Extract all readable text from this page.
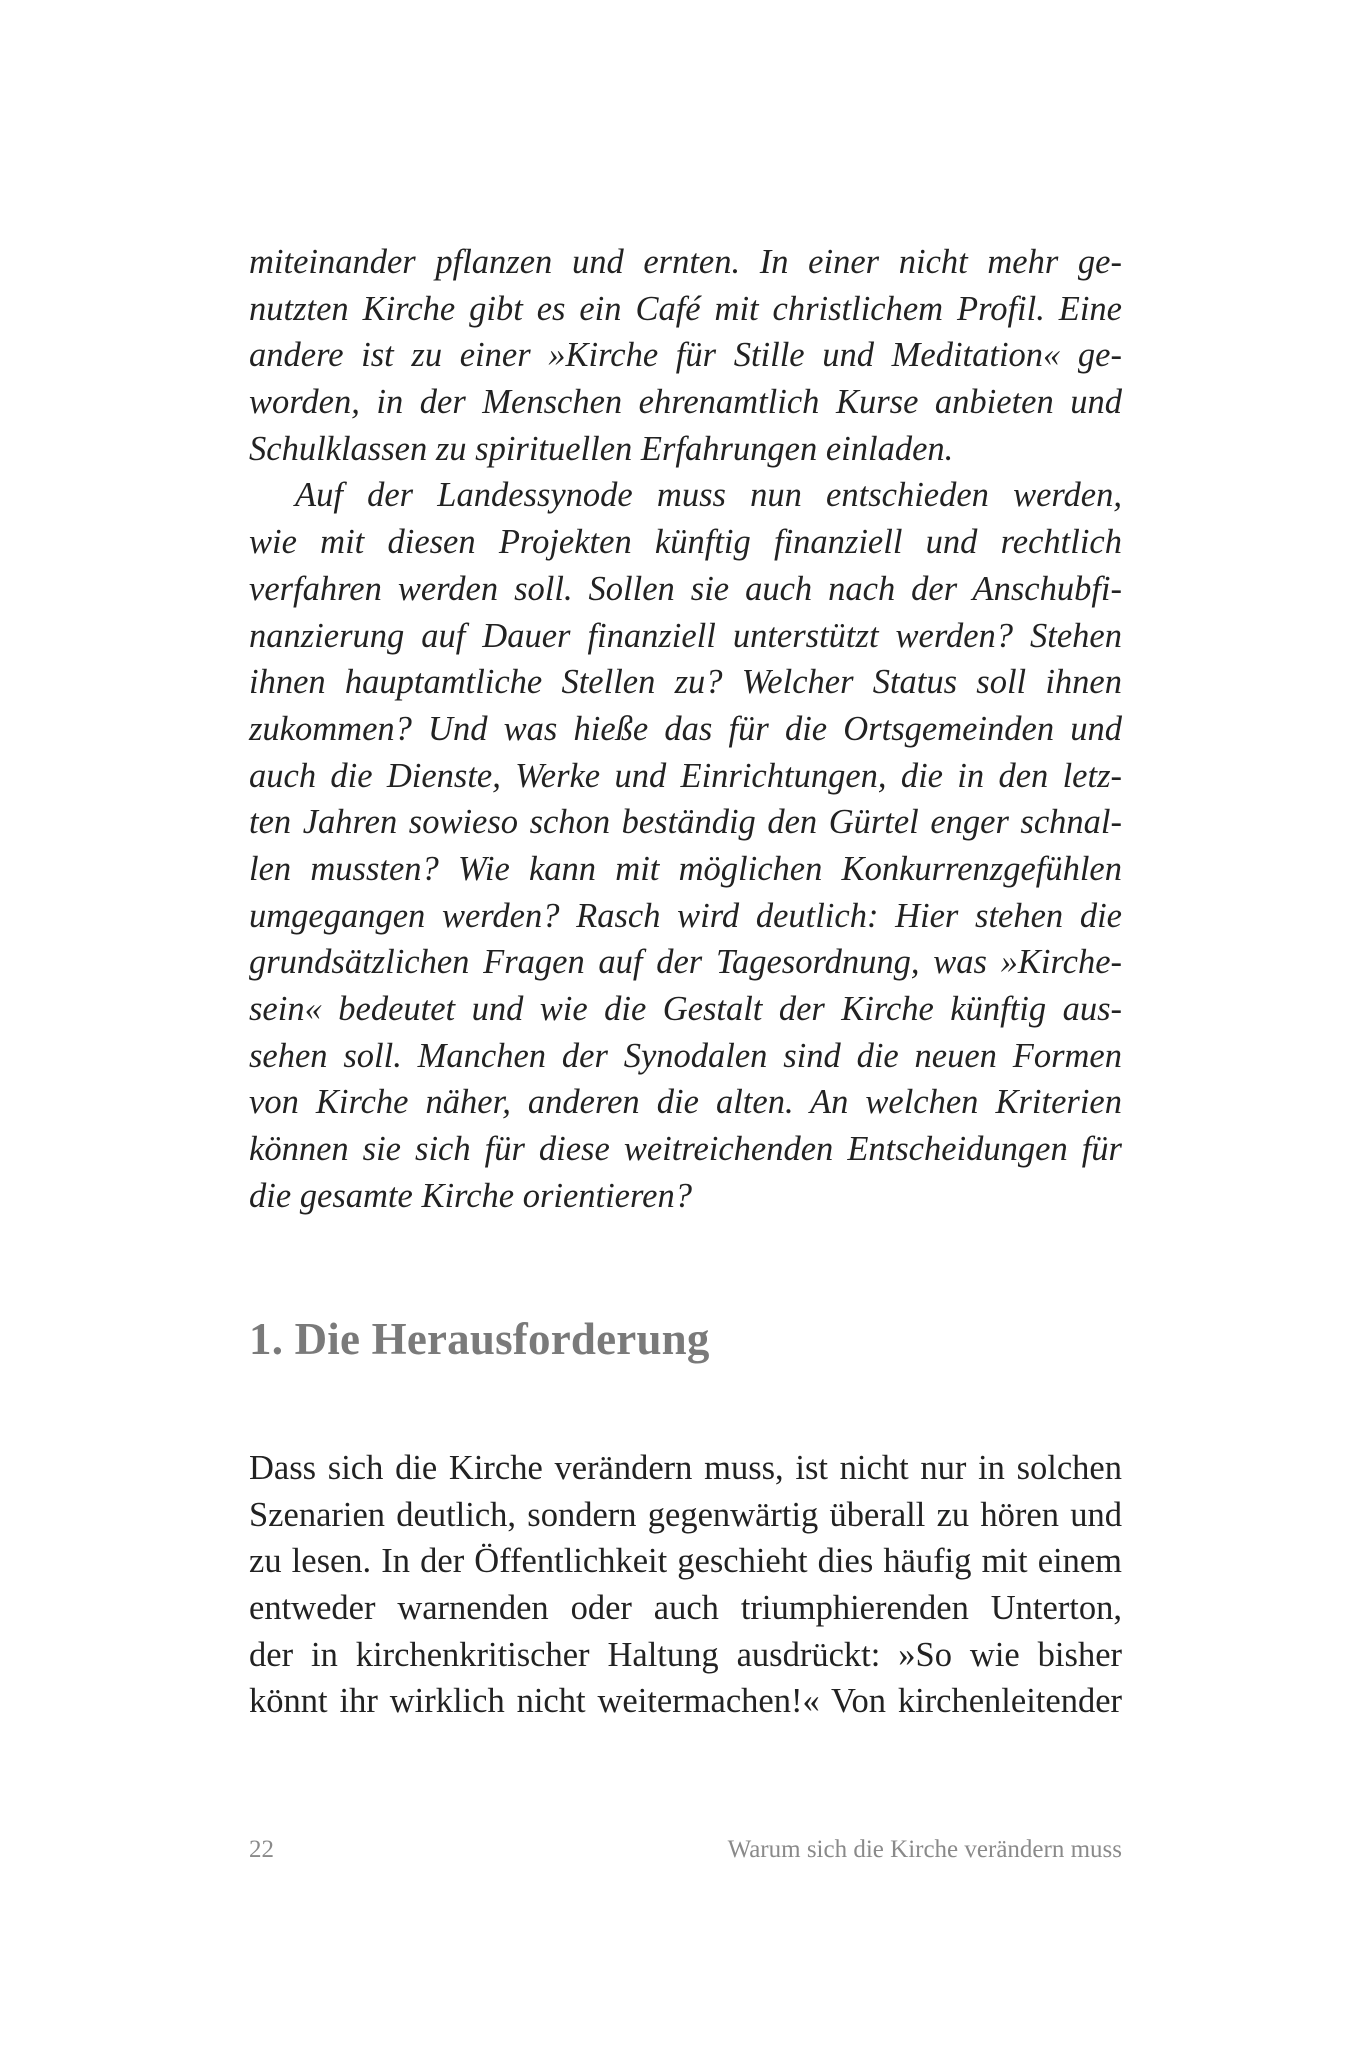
miteinander pflanzen und ernten. In einer nicht mehr ge-
nutzten Kirche gibt es ein Café mit christlichem Profil. Eine
andere ist zu einer »Kirche für Stille und Meditation« ge-
worden, in der Menschen ehrenamtlich Kurse anbieten und
Schulklassen zu spirituellen Erfahrungen einladen.
Auf der Landessynode muss nun entschieden werden,
wie mit diesen Projekten künftig finanziell und rechtlich
verfahren werden soll. Sollen sie auch nach der Anschubfi-
nanzierung auf Dauer finanziell unterstützt werden? Stehen
ihnen hauptamtliche Stellen zu? Welcher Status soll ihnen
zukommen? Und was hieße das für die Ortsgemeinden und
auch die Dienste, Werke und Einrichtungen, die in den letz-
ten Jahren sowieso schon beständig den Gürtel enger schnal-
len mussten? Wie kann mit möglichen Konkurrenzgefühlen
umgegangen werden? Rasch wird deutlich: Hier stehen die
grundsätzlichen Fragen auf der Tagesordnung, was »Kirche-
sein« bedeutet und wie die Gestalt der Kirche künftig aus-
sehen soll. Manchen der Synodalen sind die neuen Formen
von Kirche näher, anderen die alten. An welchen Kriterien
können sie sich für diese weitreichenden Entscheidungen für
die gesamte Kirche orientieren?
1. Die Herausforderung
Dass sich die Kirche verändern muss, ist nicht nur in solchen
Szenarien deutlich, sondern gegenwärtig überall zu hören und
zu lesen. In der Öffentlichkeit geschieht dies häufig mit einem
entweder warnenden oder auch triumphierenden Unterton,
der in kirchenkritischer Haltung ausdrückt: »So wie bisher
könnt ihr wirklich nicht weitermachen!« Von kirchenleitender
22	Warum sich die Kirche verändern muss
